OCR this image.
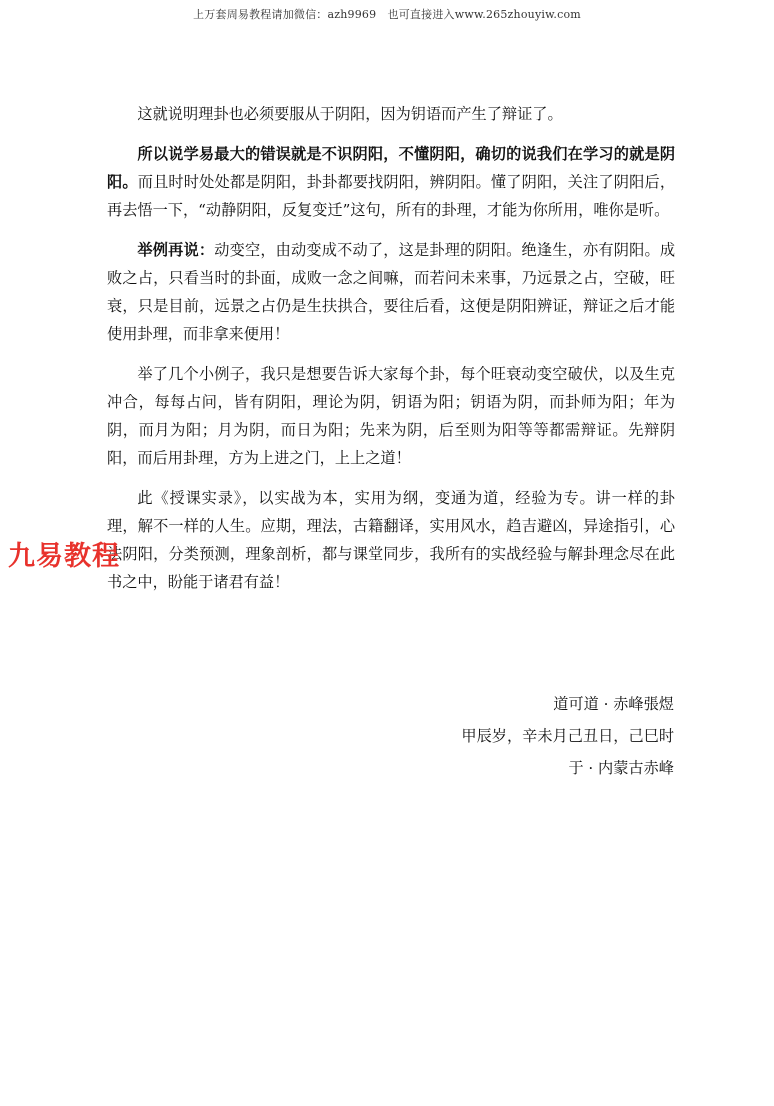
上万套周易教程请加微信：azh9969　也可直接进入www.265zhouyiw.com

这就说明理卦也必须要服从于阴阳，因为钥语而产生了辩证了。

所以说学易最大的错误就是不识阴阳，不懂阴阳，确切的说我们在学习的就是阴阳。而且时时处处都是阴阳，卦卦都要找阴阳，辨阴阳。懂了阴阳，关注了阴阳后，再去悟一下，“动静阴阳，反复变迁”这句，所有的卦理，才能为你所用，唯你是听。

举例再说：动变空，由动变成不动了，这是卦理的阴阳。绝逢生，亦有阴阳。成败之占，只看当时的卦面，成败一念之间嘛，而若问未来事，乃远景之占，空破，旺衰，只是目前，远景之占仍是生扶拱合，要往后看，这便是阴阳辨证，辩证之后才能使用卦理，而非拿来便用！

举了几个小例子，我只是想要告诉大家每个卦，每个旺衰动变空破伏，以及生克冲合，每每占问，皆有阴阳，理论为阴，钥语为阳；钥语为阴，而卦师为阳；年为阴，而月为阳；月为阴，而日为阳；先来为阴，后至则为阳等等都需辩证。先辩阴阳，而后用卦理，方为上进之门，上上之道！

此《授课实录》，以实战为本，实用为纲，变通为道，经验为专。讲一样的卦理，解不一样的人生。应期，理法，古籍翻译，实用风水，趋吉避凶，异途指引，心法阴阳，分类预测，理象剖析，都与课堂同步，我所有的实战经验与解卦理念尽在此书之中，盼能于诸君有益！

九易教程
道可道 · 赤峰張煜
甲辰岁，辛未月己丑日，己巳时
于 · 内蒙古赤峰
